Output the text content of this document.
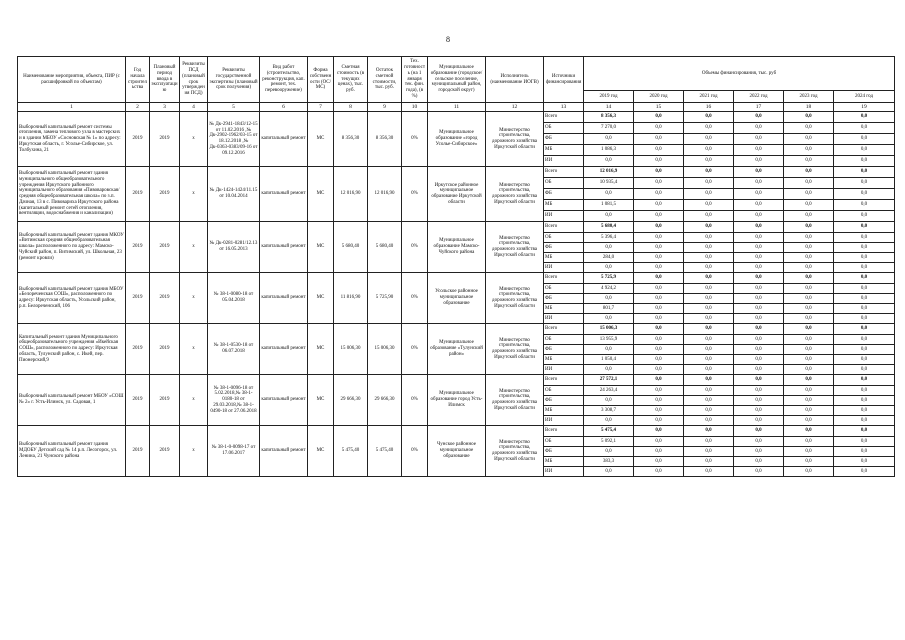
8
Наименование мероприятия, объекта, ПИР (с расшифровкой по объектам)	Год начала строительства	Плановый период ввода в эксплуатацию	Реквизиты ПСД (плановый срок утверждения ПСД)	Реквизиты государственной экспертизы (плановый срок получения)	Вид работ (строительство, реконструкция, кап. ремонт, тех. перевооружение)	Форма собственности (ОС/МС)	Сметная стоимость (в текущих ценах), тыс. руб.	Остаток сметной стоимости, тыс. руб.	Тех. готовность (на 1 января тек. фин. года), (в %)	Муниципальное образование (городское/сельское поселение, муниципальный район, городской округ)	Исполнитель (наименование ИОГВ)	Источники финансирования	Объемы финансирования, тыс. руб					
													2019 год	2020 год	2021 год	2022 год	2023 год	2024 год
1	2	3	4	5	6	7	8	9	10	11	12	13	14	15	16	17	18	19
Выборочный капитальный ремонт системы отопления, замена теплового узла в мастерских и в здании МБОУ «Сосновская № 1» по адресу: Иркутская область, г. Усолье-Сибирское, ул. Толбухина, 21	2019	2019	х	№ Дк-2941-1843/12-15 от 11.02.2016 ,№ Дк-2902-1962/03-15 от 18.12.2018 ,№ Дк-0363-0383/09-16 от 09.12.2016	капитальный ремонт	МС	8 356,30	8 356,30	0%	Муниципальное образование «город Усолье-Сибирское»	Министерство строительства, дорожного хозяйства Иркутской области	Всего	8 356,3	0,0	0,0	0,0	0,0	0,0
												ОБ	7 270,0	0,0	0,0	0,0	0,0	0,0
												ФБ	0,0	0,0	0,0	0,0	0,0	0,0
												МБ	1 086,3	0,0	0,0	0,0	0,0	0,0
												ИИ	0,0	0,0	0,0	0,0	0,0	0,0
Выборочный капитальный ремонт здания муниципального общеобразовательного учреждения Иркутского районного муниципального образования «Пивоваровская/средняя общеобразовательная школа» по з.п. Дачная, 13 в с. Пивовариха Иркутского района (капитальный ремонт сетей отопления, вентиляции, водоснабжения и канализации)	2019	2019	х	№ Дк-1424-1424/11.15 от 10.04.2014	капитальный ремонт	МС	12 016,90	12 016,90	0%	Иркутское районное муниципальное образование Иркутской области	Министерство строительства, дорожного хозяйства Иркутской области	Всего	12 016,9	0,0	0,0	0,0	0,0	0,0
												ОБ	10 935,4	0,0	0,0	0,0	0,0	0,0
												ФБ	0,0	0,0	0,0	0,0	0,0	0,0
												МБ	1 081,5	0,0	0,0	0,0	0,0	0,0
												ИИ	0,0	0,0	0,0	0,0	0,0	0,0
Выборочный капитальный ремонт здания МКОУ «Витимская средняя общеобразовательная школа» расположенного по адресу: Мамско-Чуйский район, п. Витимский, ул. Школьная, 23 (ремонт кровли)	2019	2019	х	№ Дк-0281-0281/12.13 от 16.05.2013	капитальный ремонт	МС	5 680,40	5 680,40	0%	Муниципальное образование Мамско-Чуйского района	Министерство строительства, дорожного хозяйства Иркутской области	Всего	5 680,4	0,0	0,0	0,0	0,0	0,0
												ОБ	5 396,4	0,0	0,0	0,0	0,0	0,0
												ФБ	0,0	0,0	0,0	0,0	0,0	0,0
												МБ	284,0	0,0	0,0	0,0	0,0	0,0
												ИИ	0,0	0,0	0,0	0,0	0,0	0,0
Выборочный капитальный ремонт здания МБОУ «Белореченская СОШ», расположенного по адресу: Иркутская область, Усольский район, р.п. Белореченский, 106	2019	2019	х	№ 38-1-0080-18 от 05.04.2018	капитальный ремонт	МС	11 816,90	5 725,90	0%	Усольское районное муниципальное образование	Министерство строительства, дорожного хозяйства Иркутской области	Всего	5 725,9	0,0	0,0	0,0	0,0	0,0
												ОБ	4 924,2	0,0	0,0	0,0	0,0	0,0
												ФБ	0,0	0,0	0,0	0,0	0,0	0,0
												МБ	801,7	0,0	0,0	0,0	0,0	0,0
												ИИ	0,0	0,0	0,0	0,0	0,0	0,0
Капитальный ремонт здания Муниципального общеобразовательного учреждения «Икейская СОШ», расположенного по адресу: Иркутская область, Тулунский район, с. Икей, пер. Пионерский,9	2019	2019	х	№ 38-1-0530-18 от 06.07.2018	капитальный ремонт	МС	15 006,30	15 006,30	0%	Муниципальное образование «Тулунский район»	Министерство строительства, дорожного хозяйства Иркутской области	Всего	15 006,3	0,0	0,0	0,0	0,0	0,0
												ОБ	13 955,9	0,0	0,0	0,0	0,0	0,0
												ФБ	0,0	0,0	0,0	0,0	0,0	0,0
												МБ	1 050,4	0,0	0,0	0,0	0,0	0,0
												ИИ	0,0	0,0	0,0	0,0	0,0	0,0
Выборочный капитальный ремонт МБОУ «СОШ № 2» г. Усть-Илимск, ул. Садовая, 1	2019	2019	х	№ 38-1-0096-18 от 5.02.2018,№ 38-1-0180-18 от 29.03.2018,№ 38-1-0490-18 от 27.06.2018	капитальный ремонт	МС	29 666,30	29 666,30	0%	Муниципальное образование город Усть-Илимск	Министерство строительства, дорожного хозяйства Иркутской области	Всего	27 572,1	0,0	0,0	0,0	0,0	0,0
												ОБ	24 263,4	0,0	0,0	0,0	0,0	0,0
												ФБ	0,0	0,0	0,0	0,0	0,0	0,0
												МБ	3 308,7	0,0	0,0	0,0	0,0	0,0
												ИИ	0,0	0,0	0,0	0,0	0,0	0,0
Выборочный капитальный ремонт здания МДОБУ Детский сад № 14 р.п. Лесогорск, ул. Ленина, 21 Чунского района	2019	2019	х	№ 38-1-0-0098-17 от 17.06.2017	капитальный ремонт	МС	5 475,40	5 475,40	0%	Чунское районное муниципальное образование	Министерство строительства, дорожного хозяйства Иркутской области	Всего	5 475,4	0,0	0,0	0,0	0,0	0,0
												ОБ	5 092,1	0,0	0,0	0,0	0,0	0,0
												ФБ	0,0	0,0	0,0	0,0	0,0	0,0
												МБ	383,3	0,0	0,0	0,0	0,0	0,0
												ИИ	0,0	0,0	0,0	0,0	0,0	0,0
